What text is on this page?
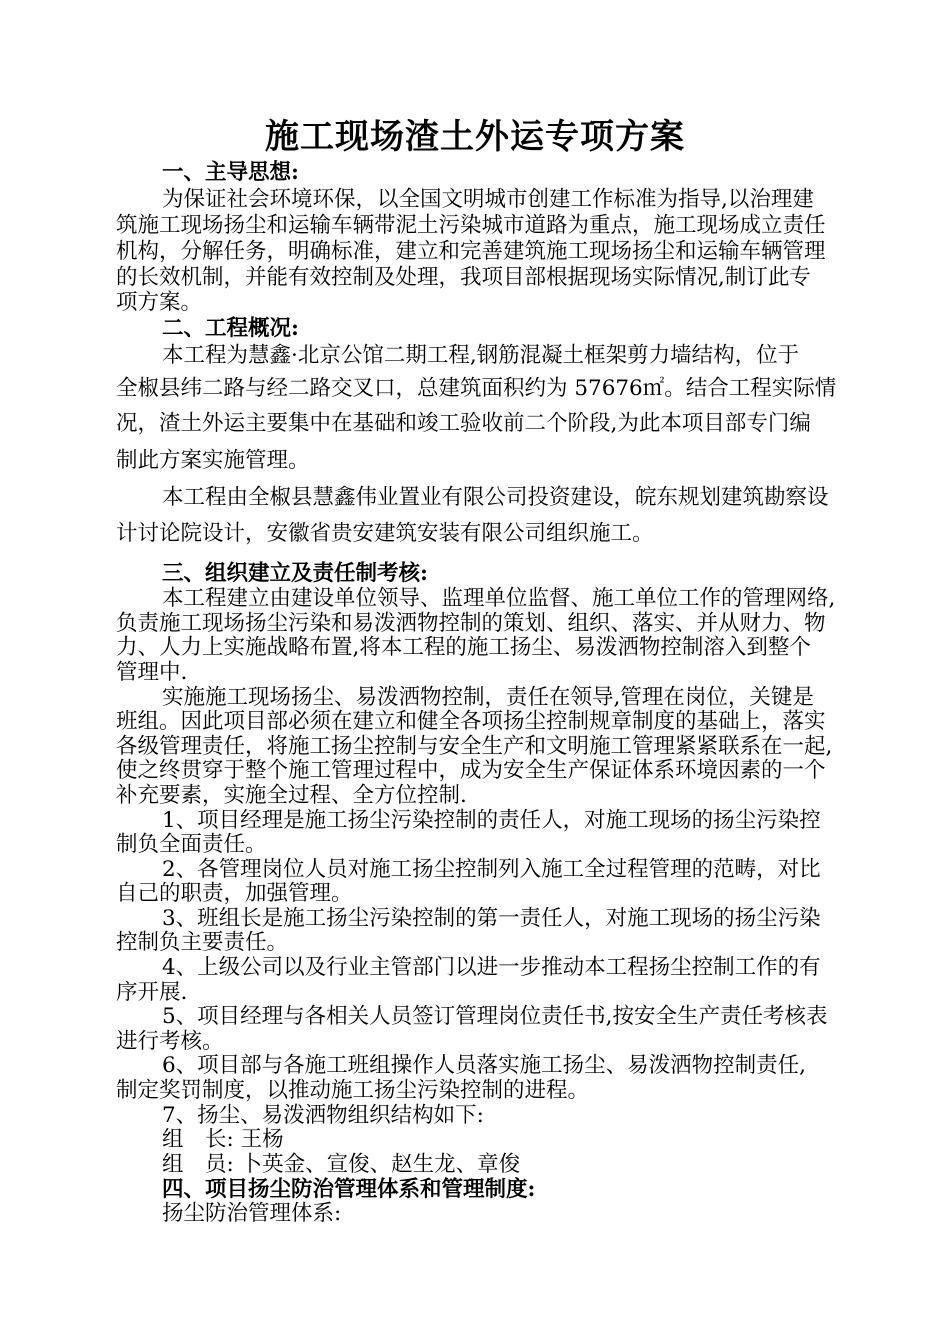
施工现场渣土外运专项方案
一、主导思想:
为保证社会环境环保，以全国文明城市创建工作标准为指导,以治理建
筑施工现场扬尘和运输车辆带泥土污染城市道路为重点，施工现场成立责任
机构，分解任务，明确标准，建立和完善建筑施工现场扬尘和运输车辆管理
的长效机制，并能有效控制及处理，我项目部根据现场实际情况,制订此专
项方案。
二、工程概况:
本工程为慧鑫·北京公馆二期工程,钢筋混凝土框架剪力墙结构，位于
全椒县纬二路与经二路交叉口，总建筑面积约为 57676㎡。结合工程实际情
况，渣土外运主要集中在基础和竣工验收前二个阶段,为此本项目部专门编
制此方案实施管理。
本工程由全椒县慧鑫伟业置业有限公司投资建设，皖东规划建筑勘察设
计讨论院设计，安徽省贵安建筑安装有限公司组织施工。
三、组织建立及责任制考核:
本工程建立由建设单位领导、监理单位监督、施工单位工作的管理网络,
负责施工现场扬尘污染和易泼洒物控制的策划、组织、落实、并从财力、物
力、人力上实施战略布置,将本工程的施工扬尘、易泼洒物控制溶入到整个
管理中.
实施施工现场扬尘、易泼洒物控制，责任在领导,管理在岗位，关键是
班组。因此项目部必须在建立和健全各项扬尘控制规章制度的基础上，落实
各级管理责任，将施工扬尘控制与安全生产和文明施工管理紧紧联系在一起,
使之终贯穿于整个施工管理过程中，成为安全生产保证体系环境因素的一个
补充要素，实施全过程、全方位控制.
1、项目经理是施工扬尘污染控制的责任人，对施工现场的扬尘污染控
制负全面责任。
2、各管理岗位人员对施工扬尘控制列入施工全过程管理的范畴，对比
自己的职责，加强管理。
3、班组长是施工扬尘污染控制的第一责任人，对施工现场的扬尘污染
控制负主要责任。
4、上级公司以及行业主管部门以进一步推动本工程扬尘控制工作的有
序开展.
5、项目经理与各相关人员签订管理岗位责任书,按安全生产责任考核表
进行考核。
6、项目部与各施工班组操作人员落实施工扬尘、易泼洒物控制责任,
制定奖罚制度，以推动施工扬尘污染控制的进程。
7、扬尘、易泼洒物组织结构如下:
组　长: 王杨
组　员: 卜英金、宣俊、赵生龙、章俊
四、项目扬尘防治管理体系和管理制度:
扬尘防治管理体系:
